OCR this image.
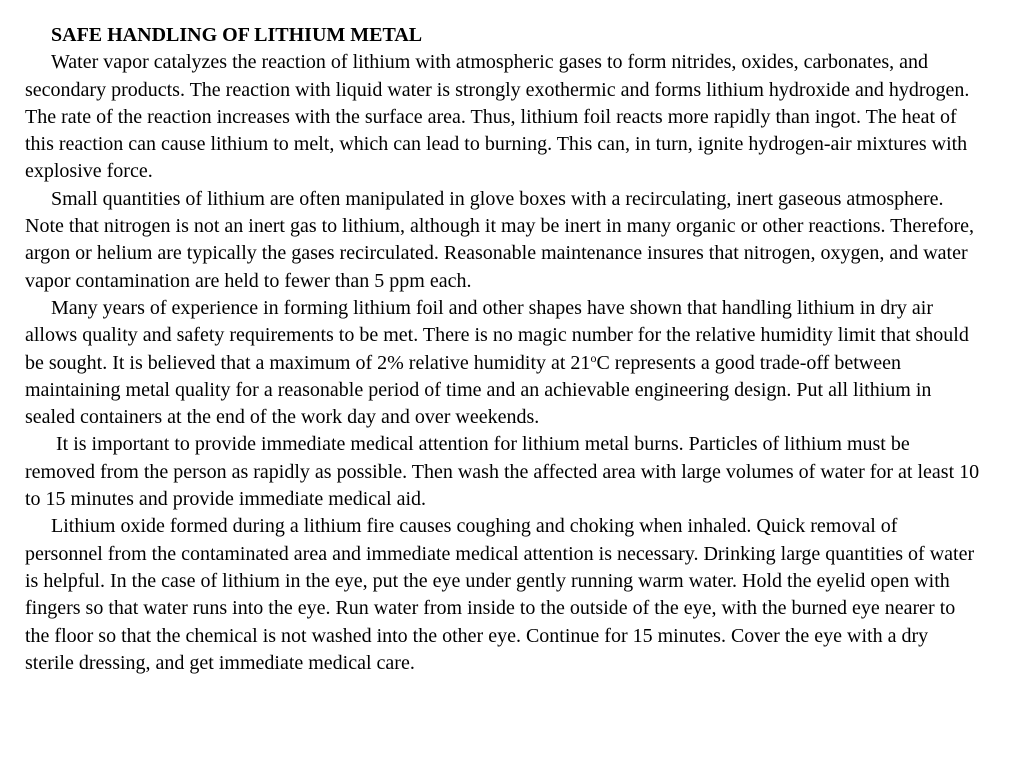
SAFE HANDLING OF LITHIUM METAL

Water vapor catalyzes the reaction of lithium with atmospheric gases to form nitrides, oxides, carbonates, and secondary products. The reaction with liquid water is strongly exothermic and forms lithium hydroxide and hydrogen. The rate of the reaction increases with the surface area. Thus, lithium foil reacts more rapidly than ingot. The heat of this reaction can cause lithium to melt, which can lead to burning. This can, in turn, ignite hydrogen-air mixtures with explosive force.

Small quantities of lithium are often manipulated in glove boxes with a recirculating, inert gaseous atmosphere. Note that nitrogen is not an inert gas to lithium, although it may be inert in many organic or other reactions. Therefore, argon or helium are typically the gases recirculated. Reasonable maintenance insures that nitrogen, oxygen, and water vapor contamination are held to fewer than 5 ppm each.

Many years of experience in forming lithium foil and other shapes have shown that handling lithium in dry air allows quality and safety requirements to be met. There is no magic number for the relative humidity limit that should be sought. It is believed that a maximum of 2% relative humidity at 21$^o$C represents a good trade-off between maintaining metal quality for a reasonable period of time and an achievable engineering design. Put all lithium in sealed containers at the end of the work day and over weekends.

It is important to provide immediate medical attention for lithium metal burns. Particles of lithium must be removed from the person as rapidly as possible. Then wash the affected area with large volumes of water for at least 10 to 15 minutes and provide immediate medical aid.

Lithium oxide formed during a lithium fire causes coughing and choking when inhaled. Quick removal of personnel from the contaminated area and immediate medical attention is necessary. Drinking large quantities of water is helpful. In the case of lithium in the eye, put the eye under gently running warm water. Hold the eyelid open with fingers so that water runs into the eye. Run water from inside to the outside of the eye, with the burned eye nearer to the floor so that the chemical is not washed into the other eye. Continue for 15 minutes. Cover the eye with a dry sterile dressing, and get immediate medical care.
